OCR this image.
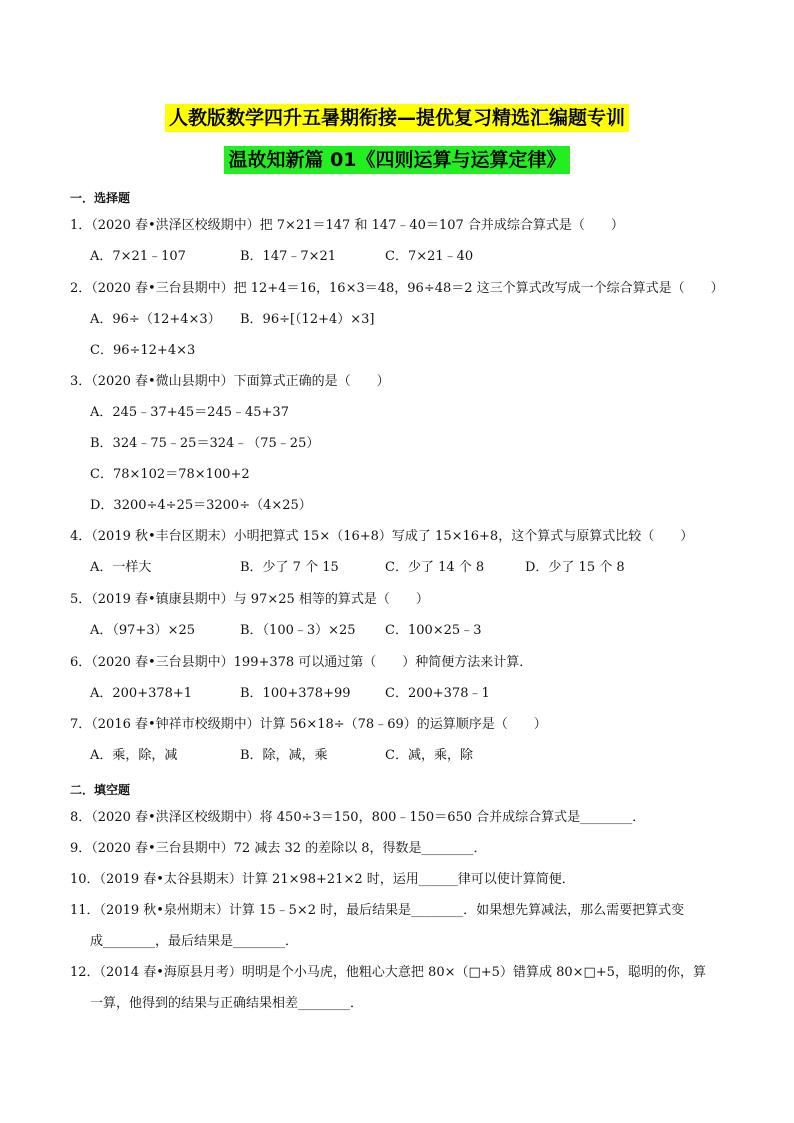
人教版数学四升五暑期衔接—提优复习精选汇编题专训
温故知新篇 01《四则运算与运算定律》
一．选择题
1．（2020 春•洪泽区校级期中）把 7×21＝147 和 147﹣40＝107 合并成综合算式是（　　）
A．7×21﹣107	B．147﹣7×21	C．7×21﹣40
2．（2020 春•三台县期中）把 12+4＝16，16×3＝48，96÷48＝2 这三个算式改写成一个综合算式是（　　）
A．96÷（12+4×3） B．96÷[（12+4）×3]
C．96÷12+4×3
3．（2020 春•微山县期中）下面算式正确的是（　　）
A．245﹣37+45＝245﹣45+37
B．324﹣75﹣25＝324﹣（75﹣25）
C．78×102＝78×100+2
D．3200÷4÷25＝3200÷（4×25）
4．（2019 秋•丰台区期末）小明把算式 15×（16+8）写成了 15×16+8，这个算式与原算式比较（　　）
A．一样大	B．少了 7 个 15	C．少了 14 个 8	D．少了 15 个 8
5．（2019 春•镇康县期中）与 97×25 相等的算式是（　　）
A．（97+3）×25	B．（100﹣3）×25 C．100×25﹣3
6．（2020 春•三台县期中）199+378 可以通过第（　　）种简便方法来计算．
A．200+378+1	B．100+378+99	C．200+378﹣1
7．（2016 春•钟祥市校级期中）计算 56×18÷（78﹣69）的运算顺序是（　　）
A．乘，除，减	B．除，减，乘	C．减，乘，除
二．填空题
8．（2020 春•洪泽区校级期中）将 450÷3＝150，800﹣150＝650 合并成综合算式是________．
9．（2020 春•三台县期中）72 减去 32 的差除以 8，得数是________．
10．（2019 春•太谷县期末）计算 21×98+21×2 时，运用______律可以使计算简便．
11．（2019 秋•泉州期末）计算 15﹣5×2 时，最后结果是________．如果想先算减法，那么需要把算式变
成________，最后结果是________．
12．（2014 春•海原县月考）明明是个小马虎，他粗心大意把 80×（□+5）错算成 80×□+5，聪明的你，算
一算，他得到的结果与正确结果相差________．
